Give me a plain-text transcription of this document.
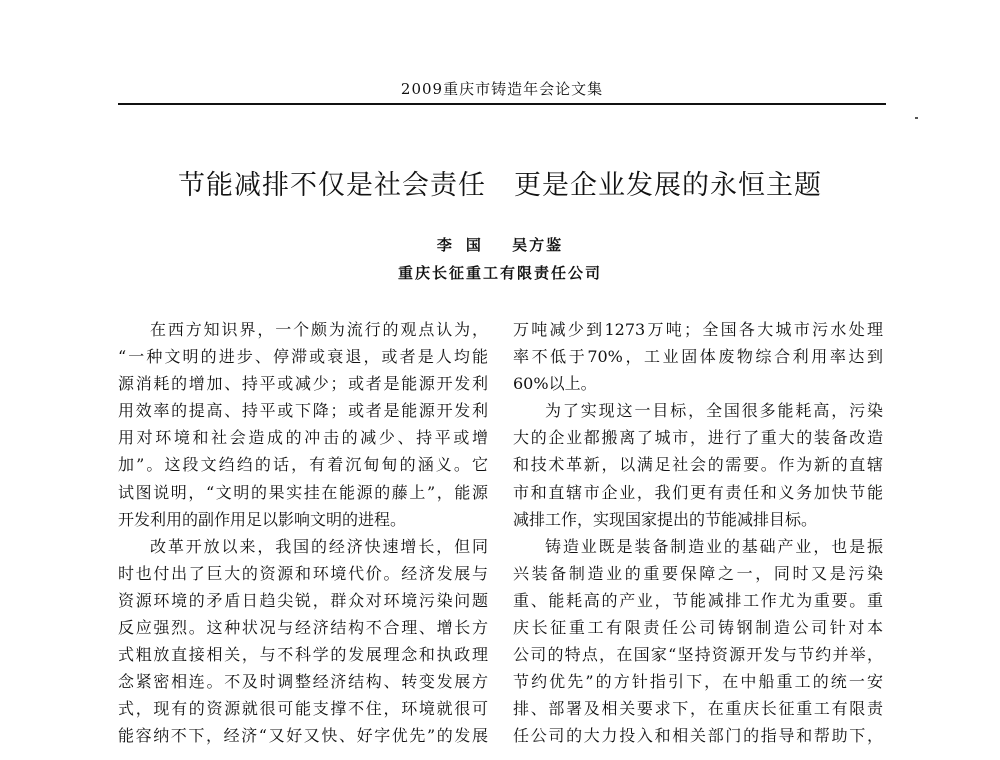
2009重庆市铸造年会论文集
节能减排不仅是社会责任　更是企业发展的永恒主题
李国 吴方鉴
重庆长征重工有限责任公司

在西方知识界，一个颇为流行的观点认为，

“一种文明的进步、停滞或衰退，或者是人均能

源消耗的增加、持平或减少；或者是能源开发利

用效率的提高、持平或下降；或者是能源开发利

用对环境和社会造成的冲击的减少、持平或增

加”。这段文绉绉的话，有着沉甸甸的涵义。它

试图说明，“文明的果实挂在能源的藤上”，能源

开发利用的副作用足以影响文明的进程。

改革开放以来，我国的经济快速增长，但同

时也付出了巨大的资源和环境代价。经济发展与

资源环境的矛盾日趋尖锐，群众对环境污染问题

反应强烈。这种状况与经济结构不合理、增长方

式粗放直接相关，与不科学的发展理念和执政理

念紧密相连。不及时调整经济结构、转变发展方

式，现有的资源就很可能支撑不住，环境就很可

能容纳不下，经济“又好又快、好字优先”的发展

万吨减少到1273万吨；全国各大城市污水处理

率不低于70%，工业固体废物综合利用率达到

60%以上。

为了实现这一目标，全国很多能耗高，污染

大的企业都搬离了城市，进行了重大的装备改造

和技术革新，以满足社会的需要。作为新的直辖

市和直辖市企业，我们更有责任和义务加快节能

减排工作，实现国家提出的节能减排目标。

铸造业既是装备制造业的基础产业，也是振

兴装备制造业的重要保障之一，同时又是污染

重、能耗高的产业，节能减排工作尤为重要。重

庆长征重工有限责任公司铸钢制造公司针对本

公司的特点，在国家“坚持资源开发与节约并举，

节约优先”的方针指引下，在中船重工的统一安

排、部署及相关要求下，在重庆长征重工有限责

任公司的大力投入和相关部门的指导和帮助下，
